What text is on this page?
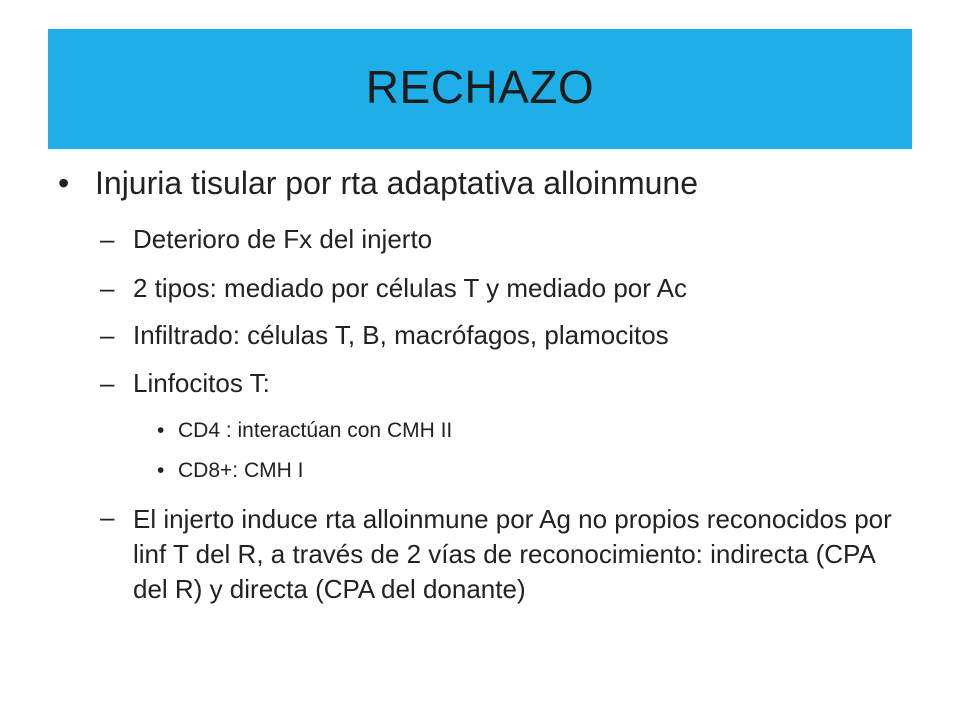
RECHAZO
• Injuria tisular por rta adaptativa alloinmune
– Deterioro de Fx del injerto
– 2 tipos: mediado por células T y mediado por Ac
– Infiltrado: células T, B, macrófagos, plamocitos
– Linfocitos T:
• CD4 : interactúan con CMH II
• CD8+: CMH I
– El injerto induce rta alloinmune por Ag no propios reconocidos por linf T del R, a través de 2 vías de reconocimiento: indirecta (CPA del R) y directa (CPA del donante)
